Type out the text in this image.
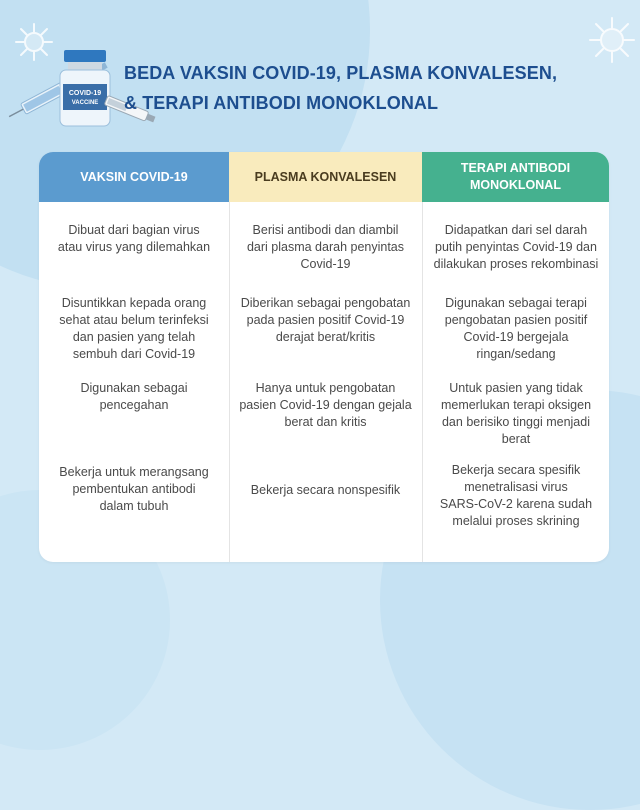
COVID-19
VACCINE
BEDA VAKSIN COVID-19, PLASMA KONVALESEN,
& TERAPI ANTIBODI MONOKLONAL
VAKSIN COVID-19	PLASMA KONVALESEN
TERAPI ANTIBODI
MONOKLONAL
Dibuat dari bagian virus
atau virus yang dilemahkan
Disuntikkan kepada orang
sehat atau belum terinfeksi
dan pasien yang telah
sembuh dari Covid-19
Digunakan sebagai
pencegahan
Bekerja untuk merangsang
pembentukan antibodi
dalam tubuh
Berisi antibodi dan diambil
dari plasma darah penyintas
Covid-19
Diberikan sebagai pengobatan
pada pasien positif Covid-19
derajat berat/kritis
Hanya untuk pengobatan
pasien Covid-19 dengan gejala
berat dan kritis
Bekerja secara nonspesifik
Didapatkan dari sel darah
putih penyintas Covid-19 dan
dilakukan proses rekombinasi
Digunakan sebagai terapi
pengobatan pasien positif
Covid-19 bergejala
ringan/sedang
Untuk pasien yang tidak
memerlukan terapi oksigen
dan berisiko tinggi menjadi
berat
Bekerja secara spesifik
menetralisasi virus
SARS-CoV-2 karena sudah
melalui proses skrining
